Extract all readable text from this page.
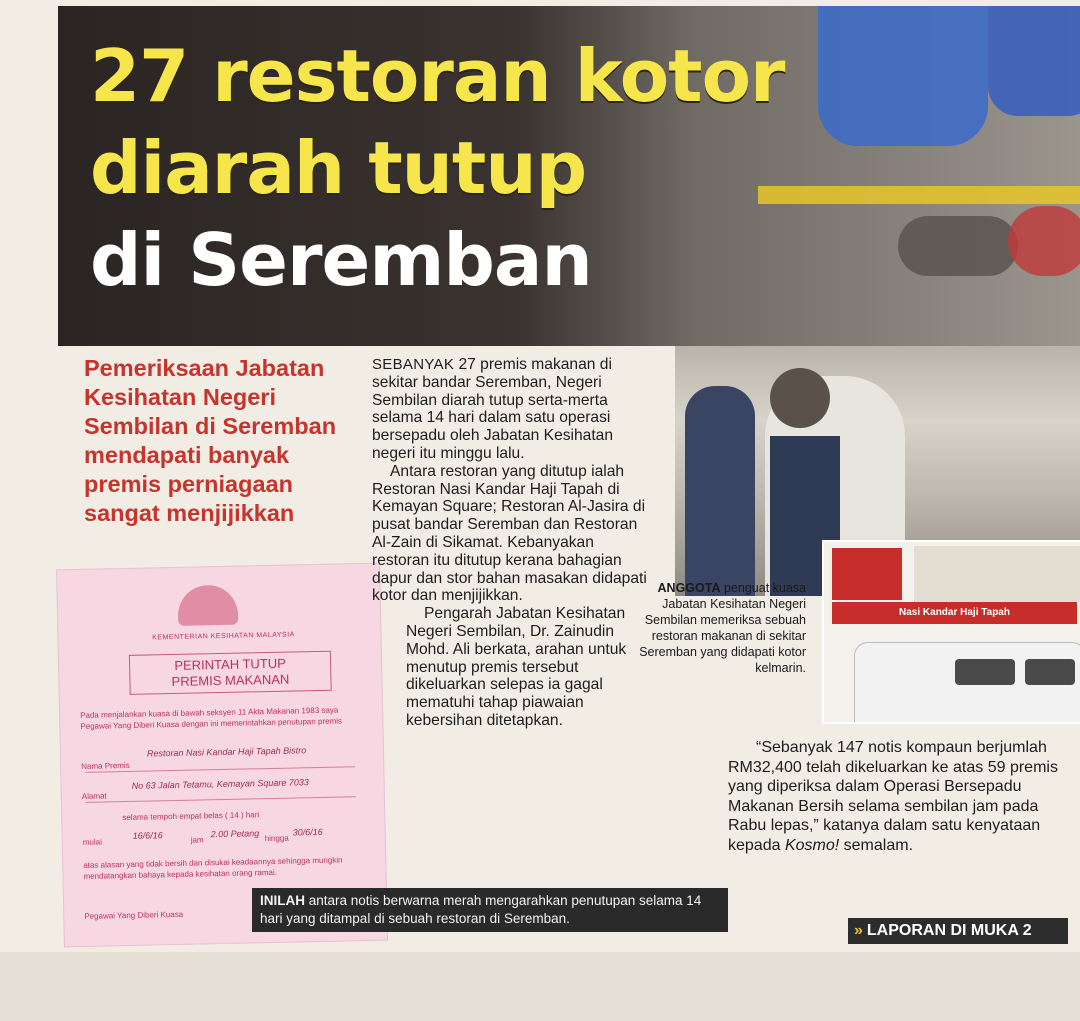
27 restoran kotor
diarah tutup
di Seremban
Nasi Kandar Haji Tapah
ANGGOTA penguat kuasa Jabatan Kesihatan Negeri Sembilan memeriksa sebuah restoran makanan di sekitar Seremban yang didapati kotor kelmarin.
Pemeriksaan Jabatan Kesihatan Negeri Sembilan di Seremban mendapati banyak premis perniagaan sangat menjijikkan
KEMENTERIAN KESIHATAN MALAYSIA
PERINTAH TUTUP
PREMIS MAKANAN
Pada menjalankan kuasa di bawah seksyen 11 Akta Makanan 1983 saya Pegawai Yang Diberi Kuasa dengan ini memerintahkan penutupan premis
Nama Premis
Restoran Nasi Kandar Haji Tapah Bistro
Alamat
No 63 Jalan Tetamu, Kemayan Square 7033
selama tempoh empat belas ( 14 ) hari
mulai
16/6/16	jam
2.00 Petang hingga
30/6/16
atas alasan yang tidak bersih dan disukai keadaannya sehingga mungkin mendatangkan bahaya kepada kesihatan orang ramai.
Pegawai Yang Diberi Kuasa
INILAH antara notis berwarna merah mengarahkan penutupan selama 14 hari yang ditampal di sebuah restoran di Seremban.

SEBANYAK 27 premis makanan di sekitar bandar Seremban, Negeri Sembilan diarah tutup serta-merta selama 14 hari dalam satu operasi bersepadu oleh Jabatan Kesihatan negeri itu minggu lalu.

Antara restoran yang ditutup ialah Restoran Nasi Kandar Haji Tapah di Kemayan Square; Restoran Al-Jasira di pusat bandar Seremban dan Restoran Al-Zain di Sikamat. Kebanyakan restoran itu ditutup kerana bahagian dapur dan stor bahan masakan didapati kotor dan menjijikkan.

Pengarah Jabatan Kesihatan Negeri Sembilan, Dr. Zainudin Mohd. Ali berkata, arahan untuk menutup premis tersebut dikeluarkan selepas ia gagal mematuhi tahap piawaian kebersihan ditetapkan.

“Sebanyak 147 notis kompaun berjumlah RM32,400 telah dikeluarkan ke atas 59 premis yang diperiksa dalam Operasi Bersepadu Makanan Bersih selama sembilan jam pada Rabu lepas,” katanya dalam satu kenyataan kepada Kosmo! semalam.

» LAPORAN DI MUKA 2
